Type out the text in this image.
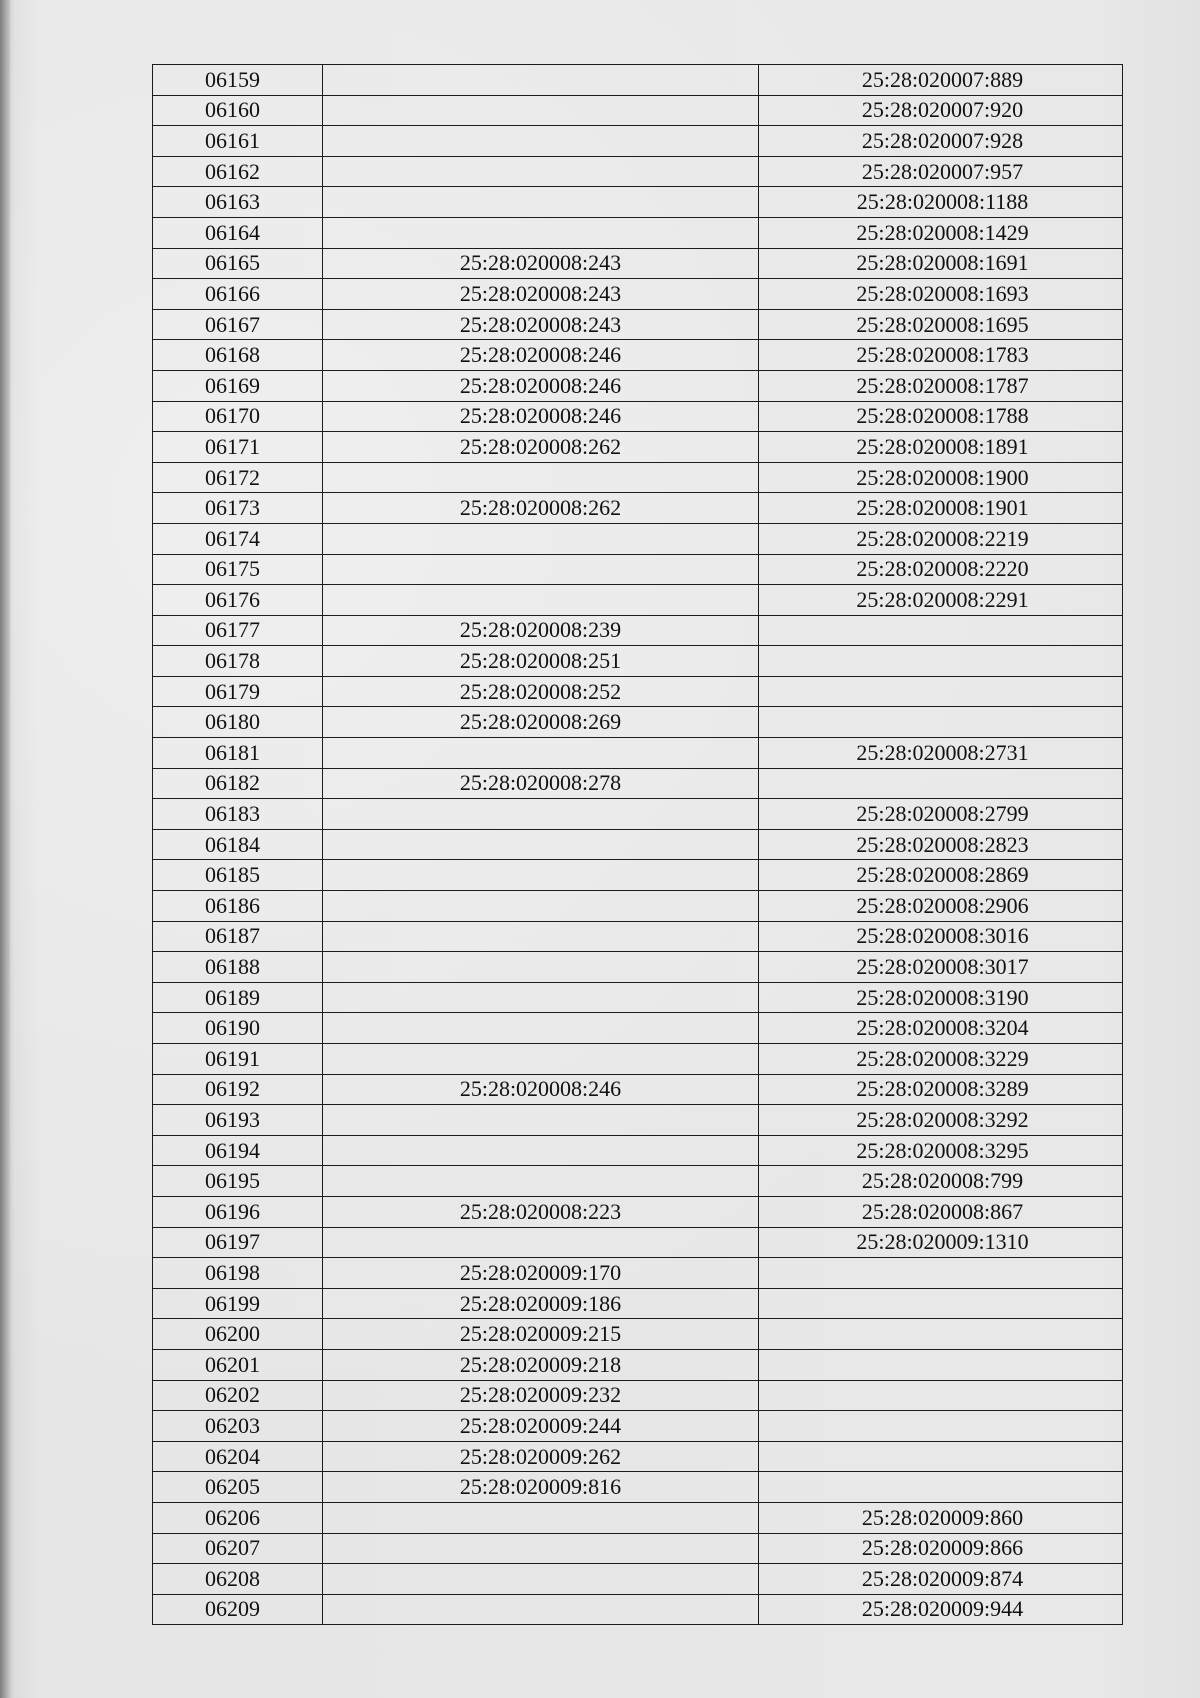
06159		25:28:020007:889
06160		25:28:020007:920
06161		25:28:020007:928
06162		25:28:020007:957
06163		25:28:020008:1188
06164		25:28:020008:1429
06165	25:28:020008:243	25:28:020008:1691
06166	25:28:020008:243	25:28:020008:1693
06167	25:28:020008:243	25:28:020008:1695
06168	25:28:020008:246	25:28:020008:1783
06169	25:28:020008:246	25:28:020008:1787
06170	25:28:020008:246	25:28:020008:1788
06171	25:28:020008:262	25:28:020008:1891
06172		25:28:020008:1900
06173	25:28:020008:262	25:28:020008:1901
06174		25:28:020008:2219
06175		25:28:020008:2220
06176		25:28:020008:2291
06177	25:28:020008:239	
06178	25:28:020008:251	
06179	25:28:020008:252	
06180	25:28:020008:269	
06181		25:28:020008:2731
06182	25:28:020008:278	
06183		25:28:020008:2799
06184		25:28:020008:2823
06185		25:28:020008:2869
06186		25:28:020008:2906
06187		25:28:020008:3016
06188		25:28:020008:3017
06189		25:28:020008:3190
06190		25:28:020008:3204
06191		25:28:020008:3229
06192	25:28:020008:246	25:28:020008:3289
06193		25:28:020008:3292
06194		25:28:020008:3295
06195		25:28:020008:799
06196	25:28:020008:223	25:28:020008:867
06197		25:28:020009:1310
06198	25:28:020009:170	
06199	25:28:020009:186	
06200	25:28:020009:215	
06201	25:28:020009:218	
06202	25:28:020009:232	
06203	25:28:020009:244	
06204	25:28:020009:262	
06205	25:28:020009:816	
06206		25:28:020009:860
06207		25:28:020009:866
06208		25:28:020009:874
06209		25:28:020009:944
